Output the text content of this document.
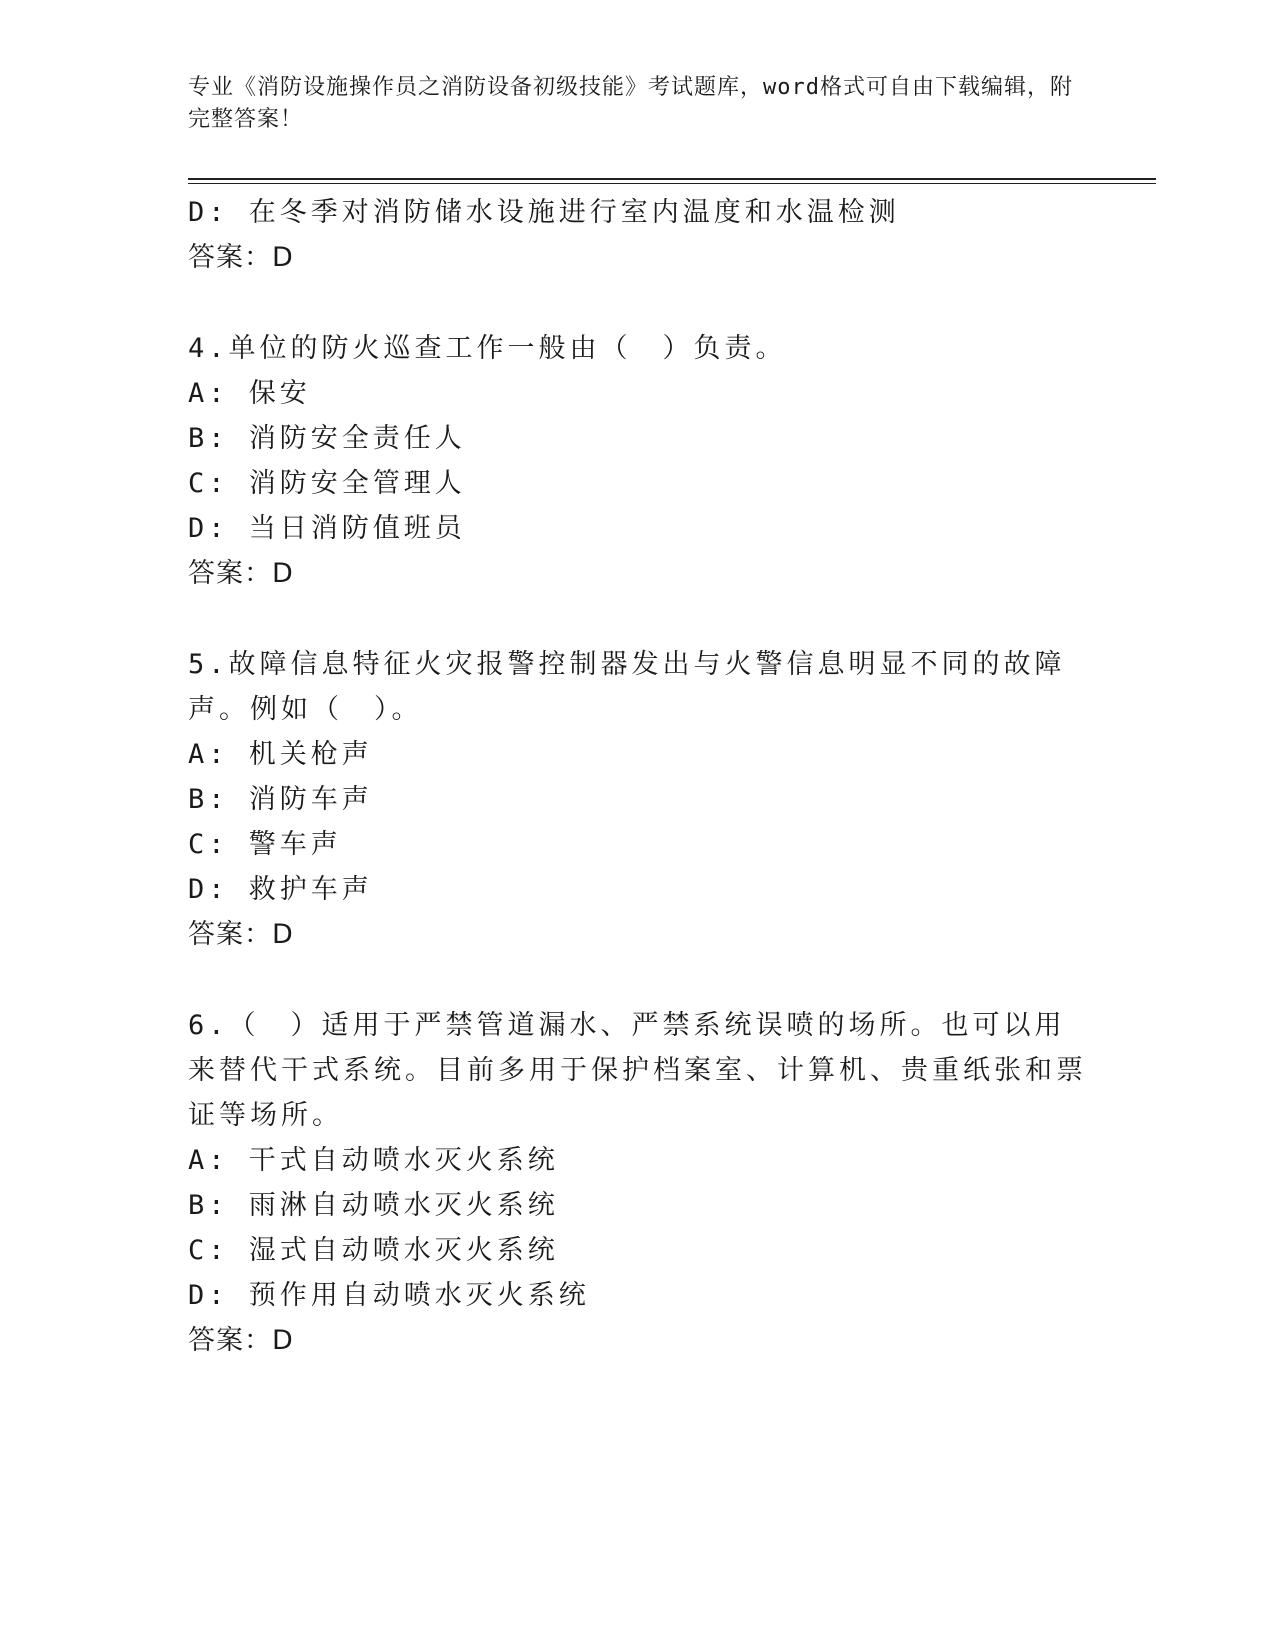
专业《消防设施操作员之消防设备初级技能》考试题库，word格式可自由下载编辑，附完整答案！
D: 在冬季对消防储水设施进行室内温度和水温检测
答案：D
4.单位的防火巡查工作一般由（　）负责。
A: 保安
B: 消防安全责任人
C: 消防安全管理人
D: 当日消防值班员
答案：D
5.故障信息特征火灾报警控制器发出与火警信息明显不同的故障声。例如（　）。
A: 机关枪声
B: 消防车声
C: 警车声
D: 救护车声
答案：D
6.（　）适用于严禁管道漏水、严禁系统误喷的场所。也可以用来替代干式系统。目前多用于保护档案室、计算机、贵重纸张和票证等场所。
A: 干式自动喷水灭火系统
B: 雨淋自动喷水灭火系统
C: 湿式自动喷水灭火系统
D: 预作用自动喷水灭火系统
答案：D
